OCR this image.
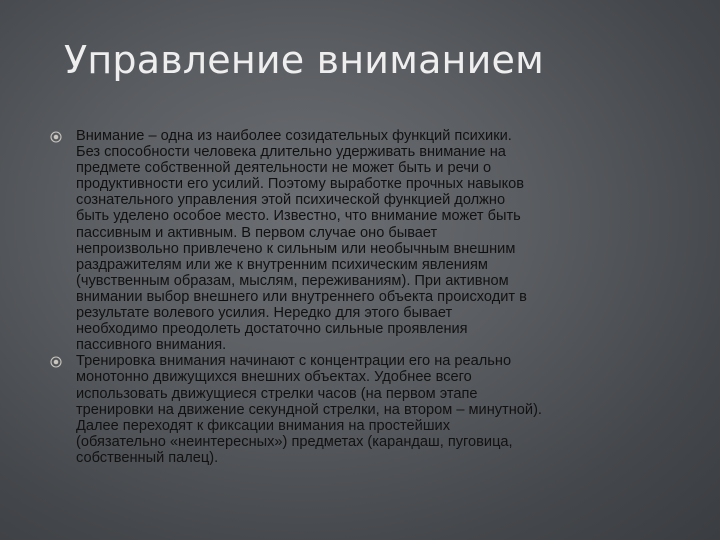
Управление вниманием
Внимание – одна из наиболее созидательных функций психики.
Без способности человека длительно удерживать внимание на
предмете собственной деятельности не может быть и речи о
продуктивности его усилий. Поэтому выработке прочных навыков
сознательного управления этой психической функцией должно
быть уделено особое место. Известно, что внимание может быть
пассивным и активным. В первом случае оно бывает
непроизвольно привлечено к сильным или необычным внешним
раздражителям или же к внутренним психическим явлениям
(чувственным образам, мыслям, переживаниям). При активном
внимании выбор внешнего или внутреннего объекта происходит в
результате волевого усилия. Нередко для этого бывает
необходимо преодолеть достаточно сильные проявления
пассивного внимания.
Тренировка внимания начинают с концентрации его на реально
монотонно движущихся внешних объектах. Удобнее всего
использовать движущиеся стрелки часов (на первом этапе
тренировки на движение секундной стрелки, на втором – минутной).
Далее переходят к фиксации внимания на простейших
(обязательно «неинтересных») предметах (карандаш, пуговица,
собственный палец).
